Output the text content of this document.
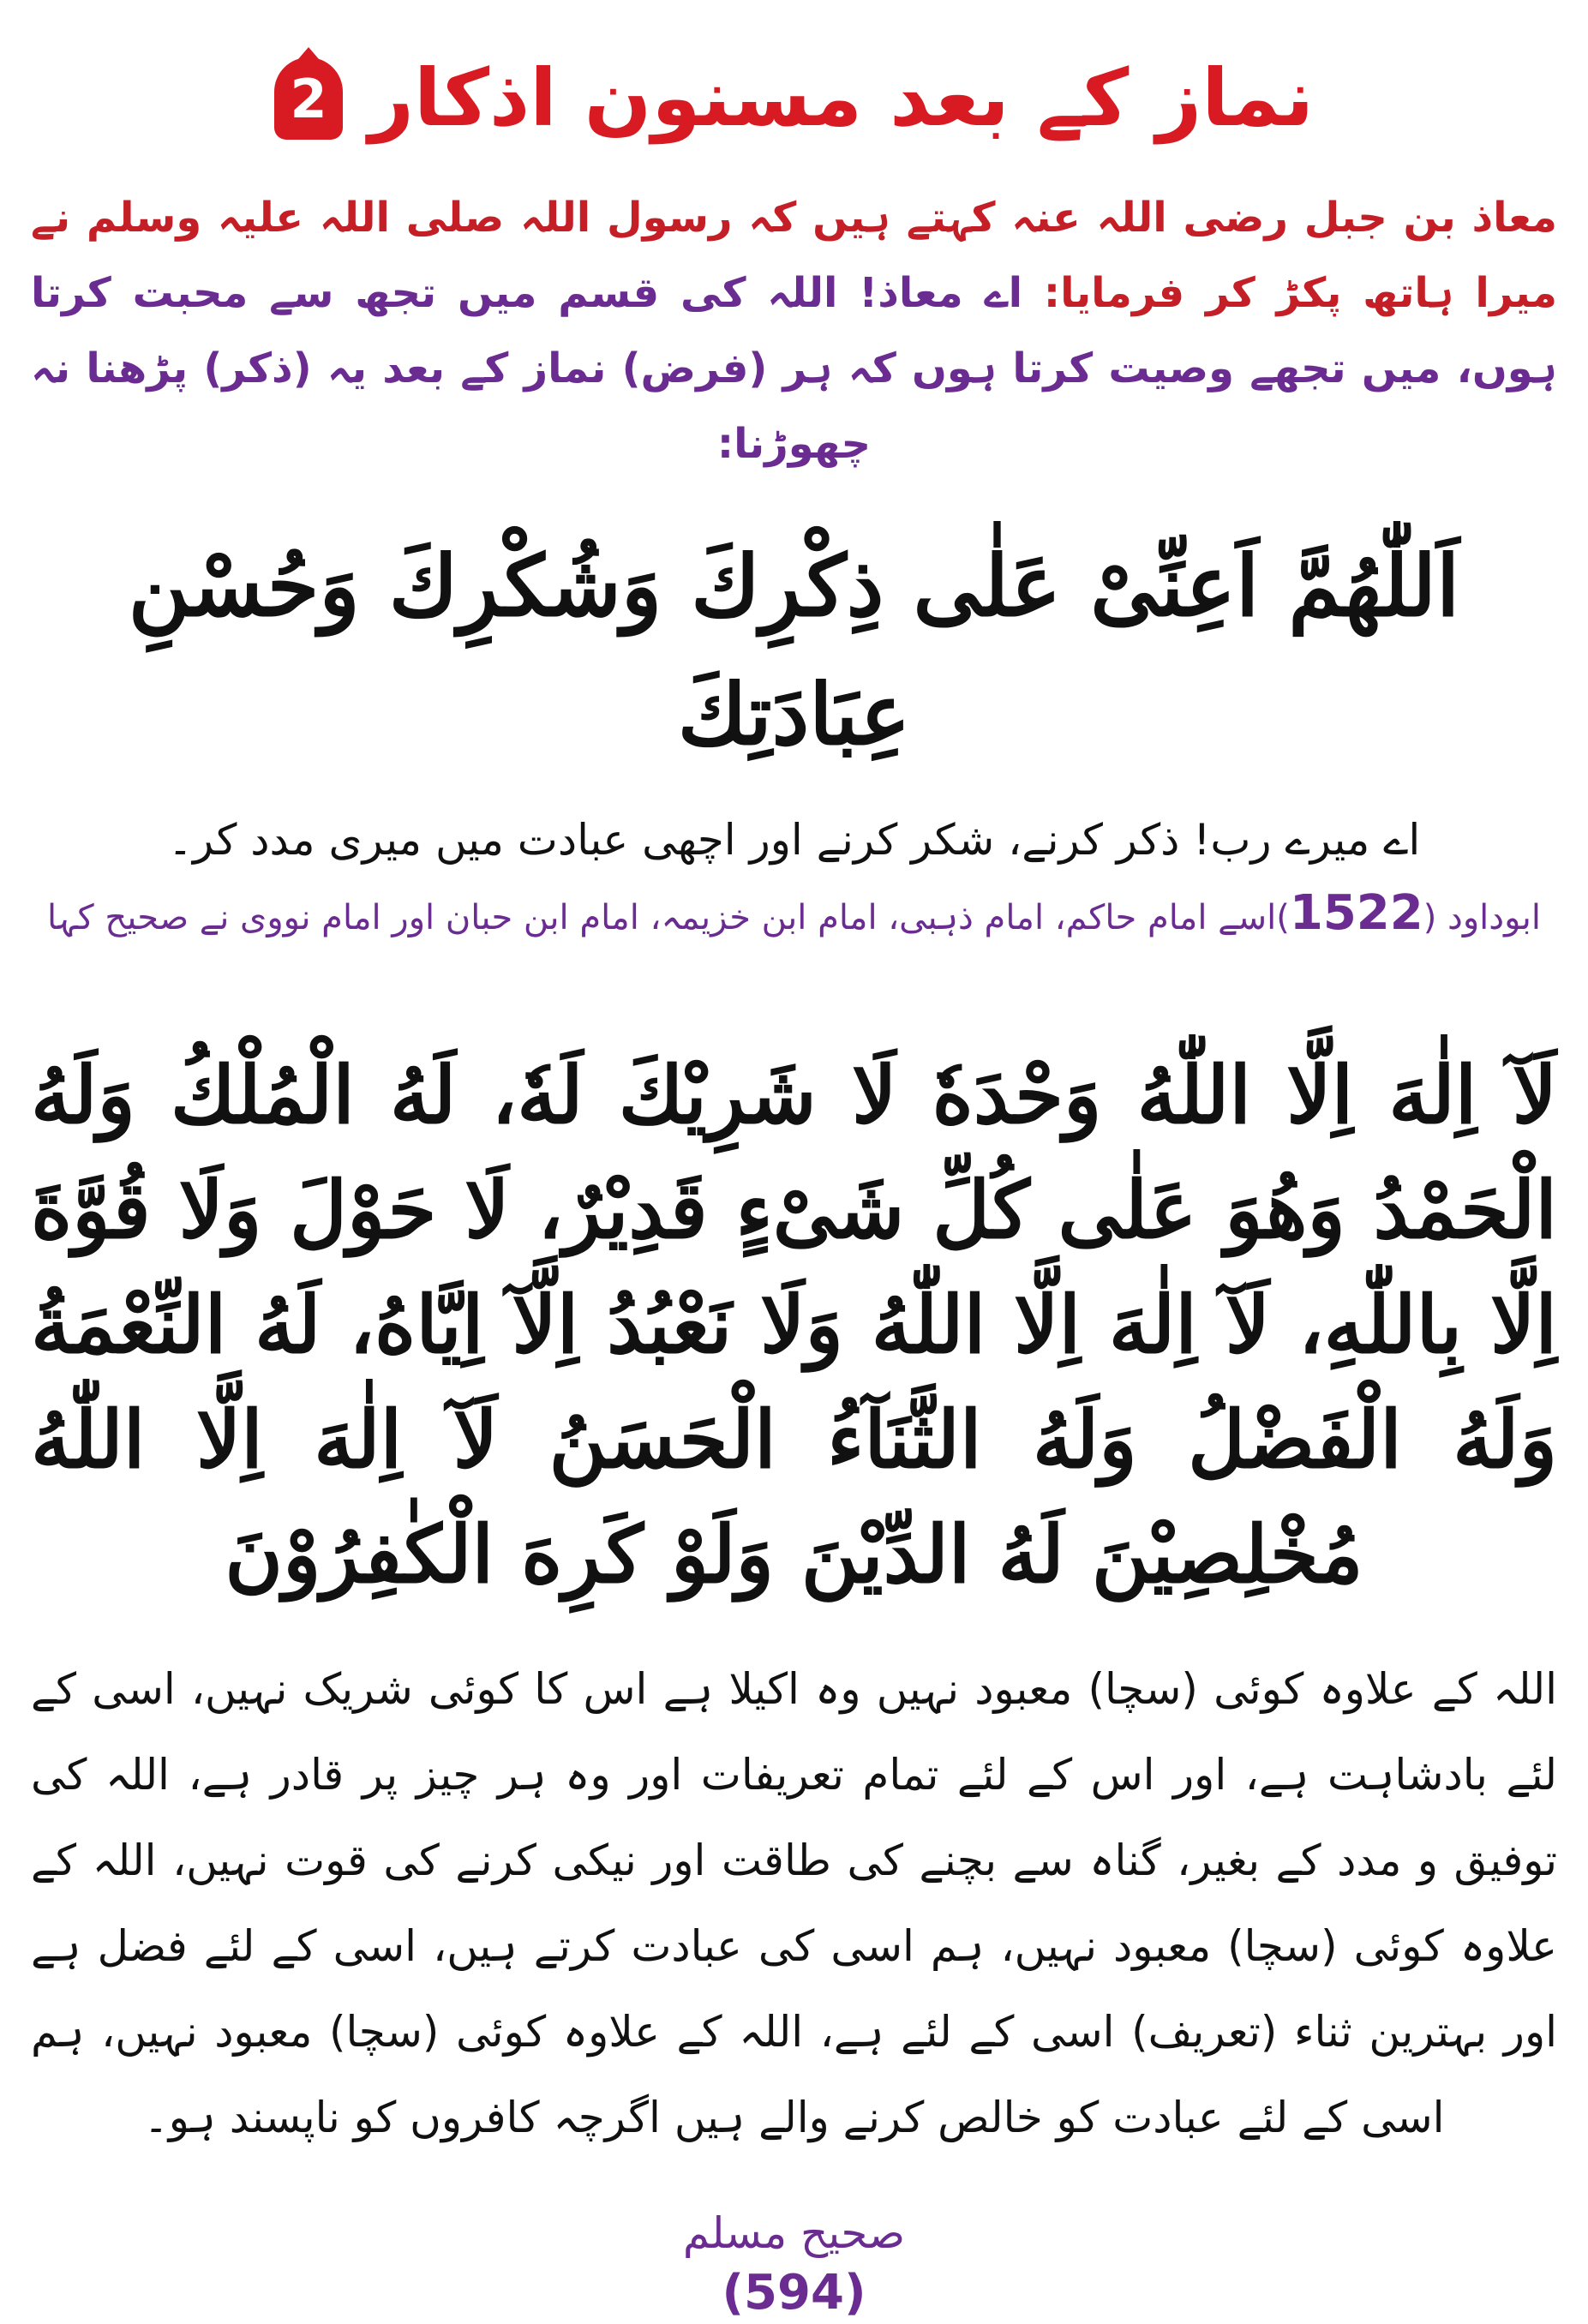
نماز کے بعد مسنون اذکار
2

معاذ بن جبل رضی اللہ عنہ کہتے ہیں کہ رسول اللہ صلی اللہ علیہ وسلم نے میرا ہاتھ پکڑ کر فرمایا: اے معاذ! اللہ کی قسم میں تجھ سے محبت کرتا ہوں، میں تجھے وصیت کرتا ہوں کہ ہر (فرض) نماز کے بعد یہ (ذکر) پڑھنا نہ چھوڑنا:

اَللّٰهُمَّ اَعِنِّىْ عَلٰى ذِكْرِكَ وَشُكْرِكَ وَحُسْنِ عِبَادَتِكَ
اے میرے رب! ذکر کرنے، شکر کرنے اور اچھی عبادت میں میری مدد کر۔
ابوداود (1522)اسے امام حاکم، امام ذہبی، امام ابن خزیمہ، امام ابن حبان اور امام نووی نے صحیح کہا
لَآ اِلٰهَ اِلَّا اللّٰهُ وَحْدَهٗ لَا شَرِيْكَ لَهٗ، لَهُ الْمُلْكُ وَلَهُ الْحَمْدُ وَهُوَ عَلٰى كُلِّ شَىْءٍ قَدِيْرٌ، لَا حَوْلَ وَلَا قُوَّةَ اِلَّا بِاللّٰهِ، لَآ اِلٰهَ اِلَّا اللّٰهُ وَلَا نَعْبُدُ اِلَّآ اِيَّاهُ، لَهُ النِّعْمَةُ وَلَهُ الْفَضْلُ وَلَهُ الثَّنَآءُ الْحَسَنُ لَآ اِلٰهَ اِلَّا اللّٰهُ مُخْلِصِيْنَ لَهُ الدِّيْنَ وَلَوْ كَرِهَ الْكٰفِرُوْنَ

اللہ کے علاوہ کوئی (سچا) معبود نہیں وہ اکیلا ہے اس کا کوئی شریک نہیں، اسی کے لئے بادشاہت ہے، اور اس کے لئے تمام تعریفات اور وہ ہر چیز پر قادر ہے، اللہ کی توفیق و مدد کے بغیر، گناہ سے بچنے کی طاقت اور نیکی کرنے کی قوت نہیں، اللہ کے علاوہ کوئی (سچا) معبود نہیں، ہم اسی کی عبادت کرتے ہیں، اسی کے لئے فضل ہے اور بہترین ثناء (تعریف) اسی کے لئے ہے، اللہ کے علاوہ کوئی (سچا) معبود نہیں، ہم اسی کے لئے عبادت کو خالص کرنے والے ہیں اگرچہ کافروں کو ناپسند ہو۔

صحیح مسلم
(594)
